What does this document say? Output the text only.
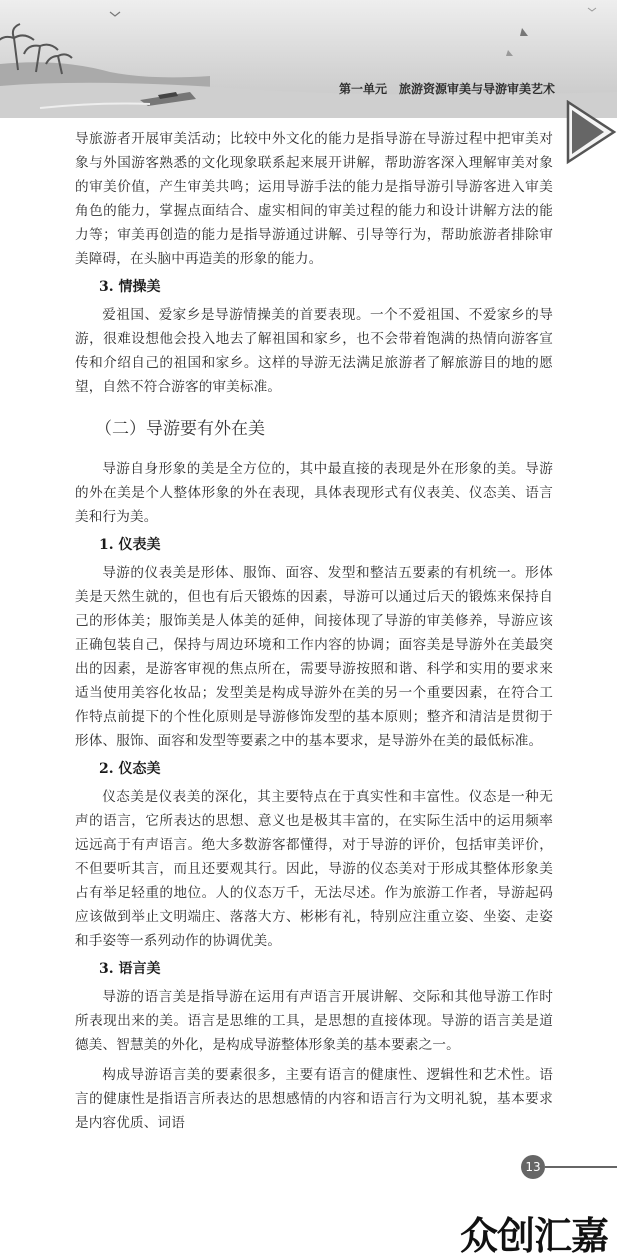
第一单元　旅游资源审美与导游审美艺术

导旅游者开展审美活动；比较中外文化的能力是指导游在导游过程中把审美对象与外国游客熟悉的文化现象联系起来展开讲解，帮助游客深入理解审美对象的审美价值，产生审美共鸣；运用导游手法的能力是指导游引导游客进入审美角色的能力，掌握点面结合、虚实相间的审美过程的能力和设计讲解方法的能力等；审美再创造的能力是指导游通过讲解、引导等行为，帮助旅游者排除审美障碍，在头脑中再造美的形象的能力。

3. 情操美

爱祖国、爱家乡是导游情操美的首要表现。一个不爱祖国、不爱家乡的导游，很难设想他会投入地去了解祖国和家乡，也不会带着饱满的热情向游客宣传和介绍自己的祖国和家乡。这样的导游无法满足旅游者了解旅游目的地的愿望，自然不符合游客的审美标准。

（二）导游要有外在美

导游自身形象的美是全方位的，其中最直接的表现是外在形象的美。导游的外在美是个人整体形象的外在表现，具体表现形式有仪表美、仪态美、语言美和行为美。

1. 仪表美

导游的仪表美是形体、服饰、面容、发型和整洁五要素的有机统一。形体美是天然生就的，但也有后天锻炼的因素，导游可以通过后天的锻炼来保持自己的形体美；服饰美是人体美的延伸，间接体现了导游的审美修养，导游应该正确包装自己，保持与周边环境和工作内容的协调；面容美是导游外在美最突出的因素，是游客审视的焦点所在，需要导游按照和谐、科学和实用的要求来适当使用美容化妆品；发型美是构成导游外在美的另一个重要因素，在符合工作特点前提下的个性化原则是导游修饰发型的基本原则；整齐和清洁是贯彻于形体、服饰、面容和发型等要素之中的基本要求，是导游外在美的最低标准。

2. 仪态美

仪态美是仪表美的深化，其主要特点在于真实性和丰富性。仪态是一种无声的语言，它所表达的思想、意义也是极其丰富的，在实际生活中的运用频率远远高于有声语言。绝大多数游客都懂得，对于导游的评价，包括审美评价，不但要听其言，而且还要观其行。因此，导游的仪态美对于形成其整体形象美占有举足轻重的地位。人的仪态万千，无法尽述。作为旅游工作者，导游起码应该做到举止文明端庄、落落大方、彬彬有礼，特别应注重立姿、坐姿、走姿和手姿等一系列动作的协调优美。

3. 语言美

导游的语言美是指导游在运用有声语言开展讲解、交际和其他导游工作时所表现出来的美。语言是思维的工具，是思想的直接体现。导游的语言美是道德美、智慧美的外化，是构成导游整体形象美的基本要素之一。

构成导游语言美的要素很多，主要有语言的健康性、逻辑性和艺术性。语言的健康性是指语言所表达的思想感情的内容和语言行为文明礼貌，基本要求是内容优质、词语

13
众创汇嘉
